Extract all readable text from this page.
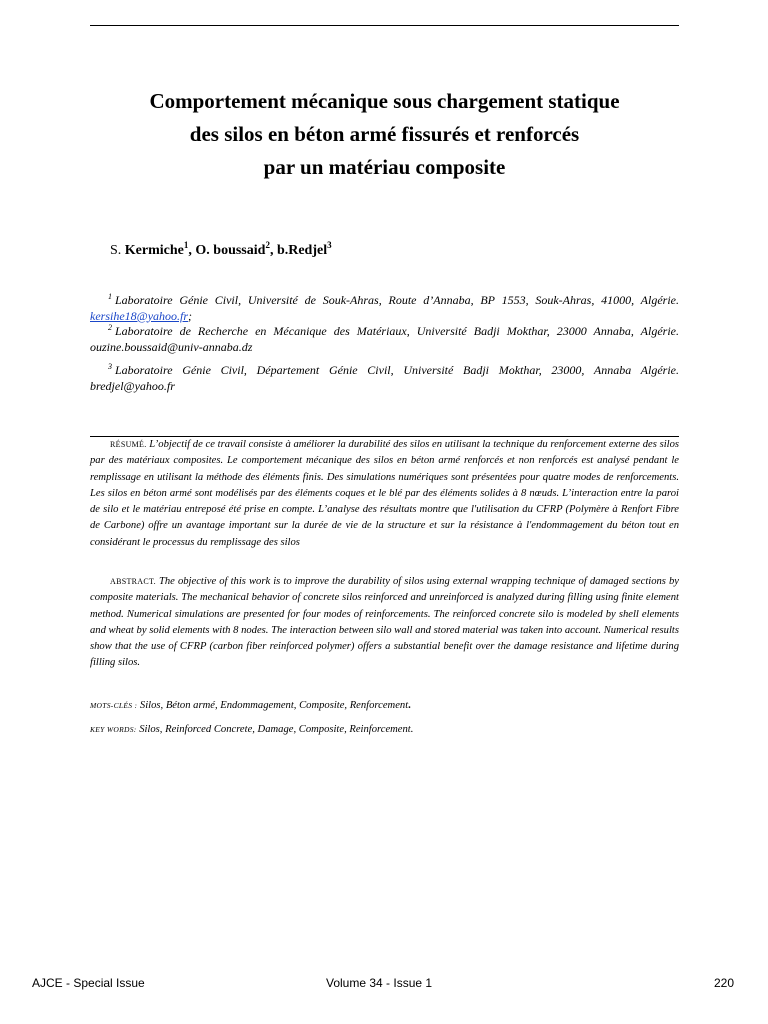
Comportement mécanique sous chargement statique
des silos en béton armé fissurés et renforcés
par un matériau composite
S. Kermiche$^1$, O. boussaid$^2$, b.Redjel$^3$
$^1$ Laboratoire Génie Civil, Université de Souk-Ahras, Route d’Annaba, BP 1553, Souk-Ahras, 41000, Algérie. kersihe18@yahoo.fr;
$^2$ Laboratoire de Recherche en Mécanique des Matériaux, Université Badji Mokthar, 23000 Annaba, Algérie. ouzine.boussaid@univ-annaba.dz
$^3$ Laboratoire Génie Civil, Département Génie Civil, Université Badji Mokthar, 23000, Annaba Algérie. bredjel@yahoo.fr
RÉSUMÉ. L’objectif de ce travail consiste à améliorer la durabilité des silos en utilisant la technique du renforcement externe des silos par des matériaux composites. Le comportement mécanique des silos en béton armé renforcés et non renforcés est analysé pendant le remplissage en utilisant la méthode des éléments finis. Des simulations numériques sont présentées pour quatre modes de renforcements. Les silos en béton armé sont modélisés par des éléments coques et le blé par des éléments solides à 8 nœuds. L’interaction entre la paroi de silo et le matériau entreposé été prise en compte. L’analyse des résultats montre que l'utilisation du CFRP (Polymère à Renfort Fibre de Carbone) offre un avantage important sur la durée de vie de la structure et sur la résistance à l'endommagement du béton tout en considérant le processus du remplissage des silos
ABSTRACT. The objective of this work is to improve the durability of silos using external wrapping technique of damaged sections by composite materials. The mechanical behavior of concrete silos reinforced and unreinforced is analyzed during filling using finite element method. Numerical simulations are presented for four modes of reinforcements. The reinforced concrete silo is modeled by shell elements and wheat by solid elements with 8 nodes. The interaction between silo wall and stored material was taken into account. Numerical results show that the use of CFRP (carbon fiber reinforced polymer) offers a substantial benefit over the damage resistance and lifetime during filling silos.
MOTS-CLÉS : Silos, Béton armé, Endommagement, Composite, Renforcement.
KEY WORDS: Silos, Reinforced Concrete, Damage, Composite, Reinforcement.
AJCE - Special Issue	Volume 34 - Issue 1	220
